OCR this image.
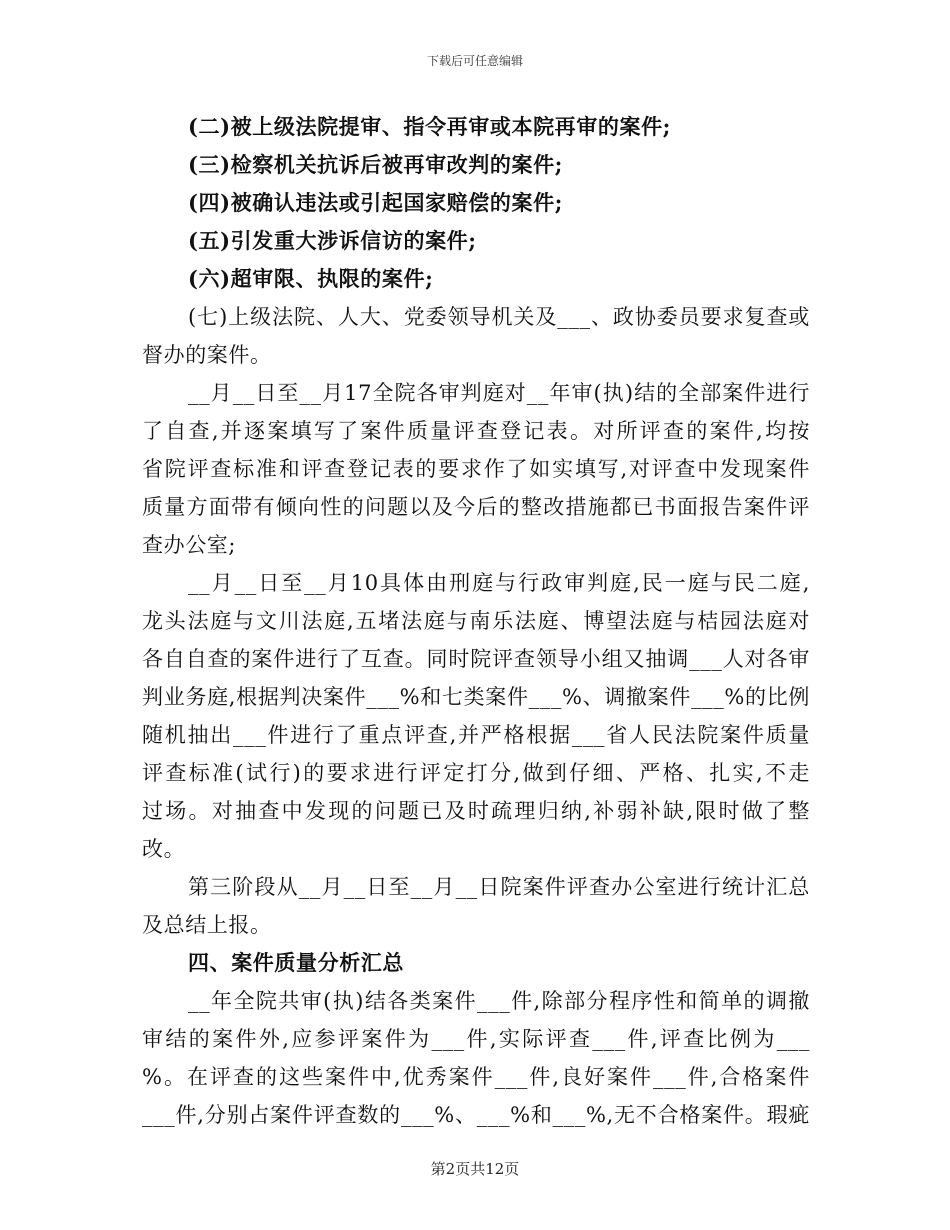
下载后可任意编辑
(二)被上级法院提审、指令再审或本院再审的案件;
(三)检察机关抗诉后被再审改判的案件;
(四)被确认违法或引起国家赔偿的案件;
(五)引发重大涉诉信访的案件;
(六)超审限、执限的案件;
(七)上级法院、人大、党委领导机关及___、政协委员要求复查或
督办的案件。
__月__日至__月17全院各审判庭对__年审(执)结的全部案件进行
了自查,并逐案填写了案件质量评查登记表。对所评查的案件,均按
省院评查标准和评查登记表的要求作了如实填写,对评查中发现案件
质量方面带有倾向性的问题以及今后的整改措施都已书面报告案件评
查办公室;
__月__日至__月10具体由刑庭与行政审判庭,民一庭与民二庭,
龙头法庭与文川法庭,五堵法庭与南乐法庭、博望法庭与桔园法庭对
各自自查的案件进行了互查。同时院评查领导小组又抽调___人对各审
判业务庭,根据判决案件___%和七类案件___%、调撤案件___%的比例
随机抽出___件进行了重点评查,并严格根据___省人民法院案件质量
评查标准(试行)的要求进行评定打分,做到仔细、严格、扎实,不走
过场。对抽查中发现的问题已及时疏理归纳,补弱补缺,限时做了整
改。
第三阶段从__月__日至__月__日院案件评查办公室进行统计汇总
及总结上报。
四、案件质量分析汇总
__年全院共审(执)结各类案件___件,除部分程序性和简单的调撤
审结的案件外,应参评案件为___件,实际评查___件,评查比例为___
%。在评查的这些案件中,优秀案件___件,良好案件___件,合格案件
___件,分别占案件评查数的___%、___%和___%,无不合格案件。瑕疵
第2页共12页
